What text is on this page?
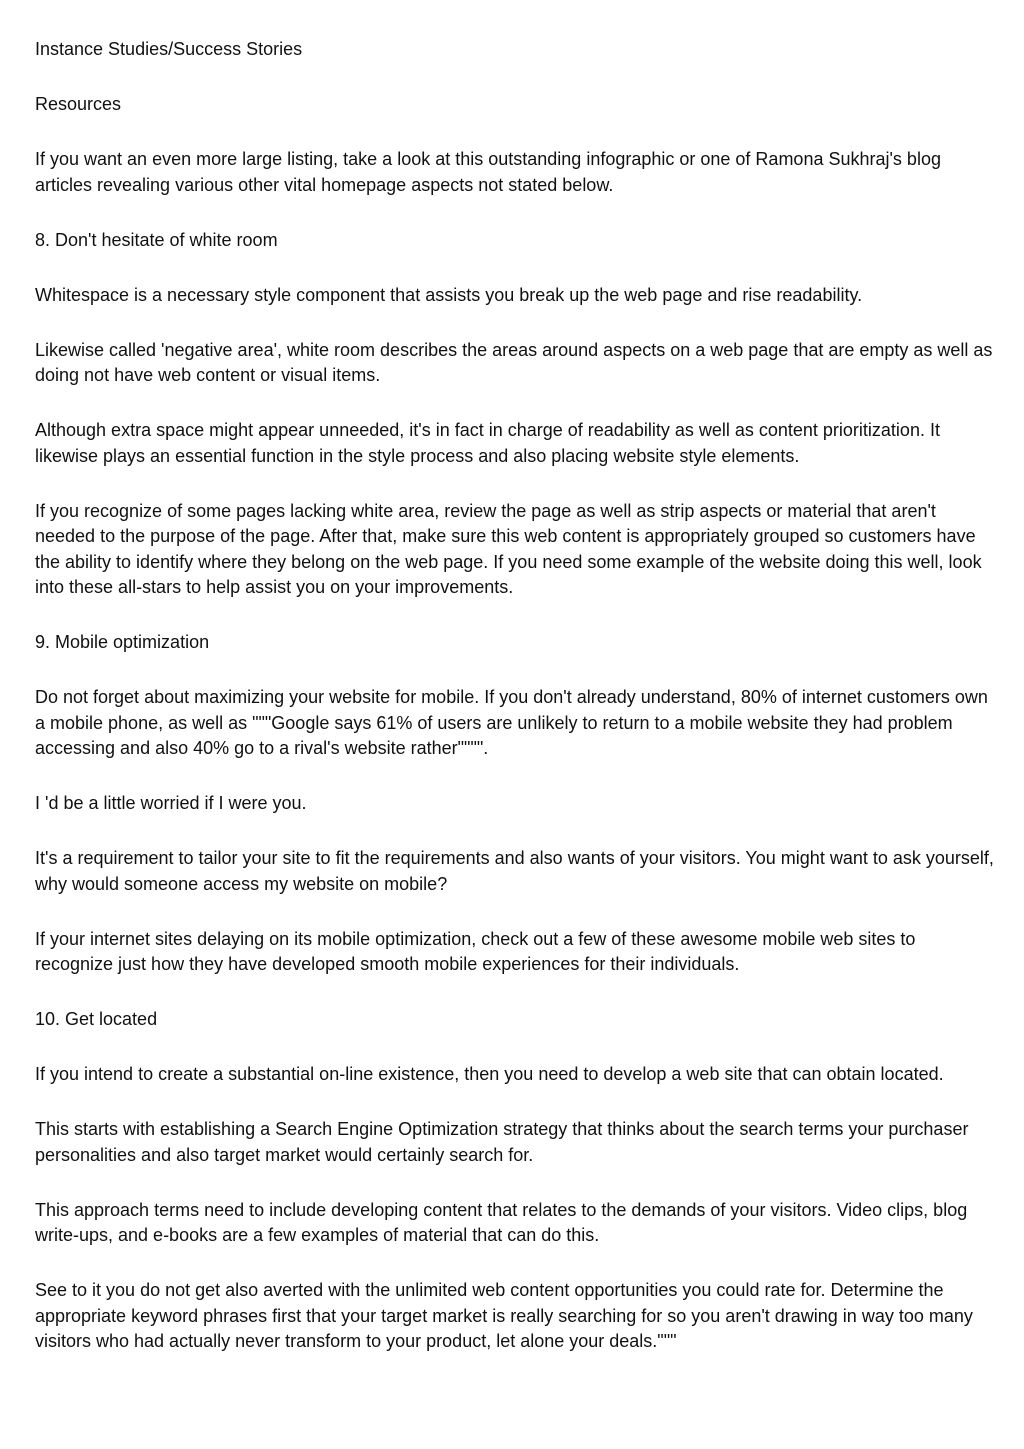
Instance Studies/Success Stories

Resources

If you want an even more large listing, take a look at this outstanding infographic or one of Ramona Sukhraj's blog articles revealing various other vital homepage aspects not stated below.

8. Don't hesitate of white room

Whitespace is a necessary style component that assists you break up the web page and rise readability.

Likewise called 'negative area', white room describes the areas around aspects on a web page that are empty as well as doing not have web content or visual items.

Although extra space might appear unneeded, it's in fact in charge of readability as well as content prioritization. It likewise plays an essential function in the style process and also placing website style elements.

If you recognize of some pages lacking white area, review the page as well as strip aspects or material that aren't needed to the purpose of the page. After that, make sure this web content is appropriately grouped so customers have the ability to identify where they belong on the web page. If you need some example of the website doing this well, look into these all-stars to help assist you on your improvements.

9. Mobile optimization

Do not forget about maximizing your website for mobile. If you don't already understand, 80% of internet customers own a mobile phone, as well as """Google says 61% of users are unlikely to return to a mobile website they had problem accessing and also 40% go to a rival's website rather"""".

I 'd be a little worried if I were you.

It's a requirement to tailor your site to fit the requirements and also wants of your visitors. You might want to ask yourself, why would someone access my website on mobile?

If your internet sites delaying on its mobile optimization, check out a few of these awesome mobile web sites to recognize just how they have developed smooth mobile experiences for their individuals.

10. Get located

If you intend to create a substantial on-line existence, then you need to develop a web site that can obtain located.

This starts with establishing a Search Engine Optimization strategy that thinks about the search terms your purchaser personalities and also target market would certainly search for.

This approach terms need to include developing content that relates to the demands of your visitors. Video clips, blog write-ups, and e-books are a few examples of material that can do this.

See to it you do not get also averted with the unlimited web content opportunities you could rate for. Determine the appropriate keyword phrases first that your target market is really searching for so you aren't drawing in way too many visitors who had actually never transform to your product, let alone your deals."""
